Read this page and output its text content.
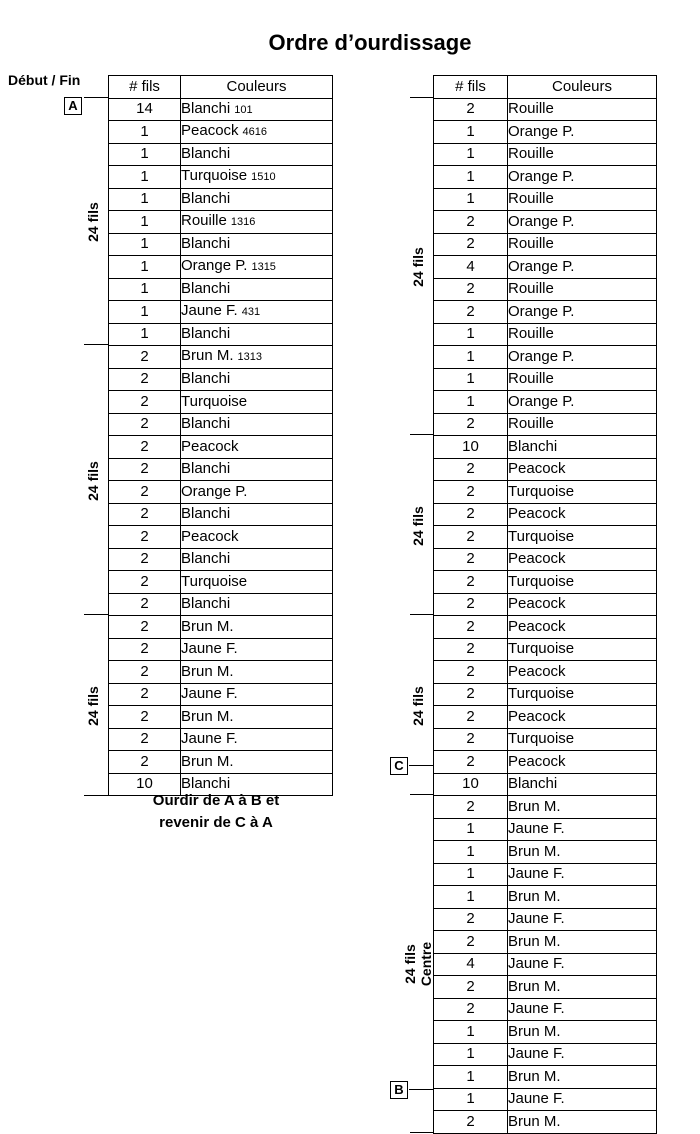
Ordre d’ourdissage
Début / Fin	# fils	Couleurs
14	Blanchi 101
1	Peacock 4616
1	Blanchi
1	Turquoise 1510
1	Blanchi
1	Rouille 1316
1	Blanchi
1	Orange P. 1315
1	Blanchi
1	Jaune F. 431
1	Blanchi
2	Brun M. 1313
2	Blanchi
2	Turquoise
2	Blanchi
2	Peacock
2	Blanchi
2	Orange P.
2	Blanchi
2	Peacock
2	Blanchi
2	Turquoise
2	Blanchi
2	Brun M.
2	Jaune F.
2	Brun M.
2	Jaune F.
2	Brun M.
2	Jaune F.
2	Brun M.
10	Blanchi
# fils	Couleurs
2	Rouille
1	Orange P.
1	Rouille
1	Orange P.
1	Rouille
2	Orange P.
2	Rouille
4	Orange P.
2	Rouille
2	Orange P.
1	Rouille
1	Orange P.
1	Rouille
1	Orange P.
2	Rouille
10	Blanchi
2	Peacock
2	Turquoise
2	Peacock
2	Turquoise
2	Peacock
2	Turquoise
2	Peacock
2	Peacock
2	Turquoise
2	Peacock
2	Turquoise
2	Peacock
2	Turquoise
2	Peacock
10	Blanchi
2	Brun M.
1	Jaune F.
1	Brun M.
1	Jaune F.
1	Brun M.
2	Jaune F.
2	Brun M.
4	Jaune F.
2	Brun M.
2	Jaune F.
1	Brun M.
1	Jaune F.
1	Brun M.
1	Jaune F.
2	Brun M.
24 fils
24 fils
24 fils
24 fils
24 fils
24 fils
24 fils Centre
A
C
B
Ourdir de A à B et
revenir de C à A
